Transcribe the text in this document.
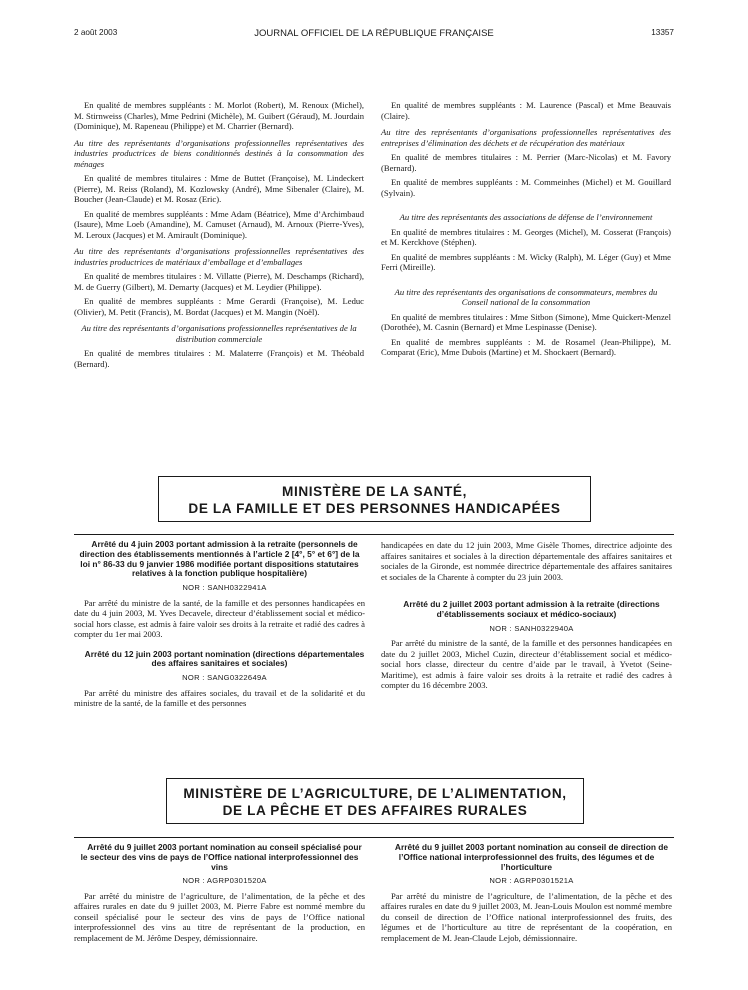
2 août 2003	JOURNAL OFFICIEL DE LA RÉPUBLIQUE FRANÇAISE	13357

En qualité de membres suppléants : M. Morlot (Robert), M. Renoux (Michel), M. Stirnweiss (Charles), Mme Pedrini (Michèle), M. Guibert (Géraud), M. Jourdain (Dominique), M. Rapeneau (Philippe) et M. Charrier (Bernard).

Au titre des représentants d’organisations professionnelles représentatives des industries productrices de biens conditionnés destinés à la consommation des ménages

En qualité de membres titulaires : Mme de Buttet (Françoise), M. Lindeckert (Pierre), M. Reiss (Roland), M. Kozlowsky (André), Mme Sibenaler (Claire), M. Boucher (Jean-Claude) et M. Rosaz (Eric).

En qualité de membres suppléants : Mme Adam (Béatrice), Mme d’Archimbaud (Isaure), Mme Loeb (Amandine), M. Camuset (Arnaud), M. Arnoux (Pierre-Yves), M. Leroux (Jacques) et M. Amirault (Dominique).

Au titre des représentants d’organisations professionnelles représentatives des industries productrices de matériaux d’emballage et d’emballages

En qualité de membres titulaires : M. Villatte (Pierre), M. Deschamps (Richard), M. de Guerry (Gilbert), M. Demarty (Jacques) et M. Leydier (Philippe).

En qualité de membres suppléants : Mme Gerardi (Françoise), M. Leduc (Olivier), M. Petit (Francis), M. Bordat (Jacques) et M. Mangin (Noël).

Au titre des représentants d’organisations professionnelles représentatives de la distribution commerciale

En qualité de membres titulaires : M. Malaterre (François) et M. Théobald (Bernard).

En qualité de membres suppléants : M. Laurence (Pascal) et Mme Beauvais (Claire).

Au titre des représentants d’organisations professionnelles représentatives des entreprises d’élimination des déchets et de récupération des matériaux

En qualité de membres titulaires : M. Perrier (Marc-Nicolas) et M. Favory (Bernard).

En qualité de membres suppléants : M. Commeinhes (Michel) et M. Gouillard (Sylvain).

Au titre des représentants des associations de défense de l’environnement

En qualité de membres titulaires : M. Georges (Michel), M. Cosserat (François) et M. Kerckhove (Stéphen).

En qualité de membres suppléants : M. Wicky (Ralph), M. Léger (Guy) et Mme Ferri (Mireille).

Au titre des représentants des organisations de consommateurs, membres du Conseil national de la consommation

En qualité de membres titulaires : Mme Sitbon (Simone), Mme Quickert-Menzel (Dorothée), M. Casnin (Bernard) et Mme Lespinasse (Denise).

En qualité de membres suppléants : M. de Rosamel (Jean-Philippe), M. Comparat (Eric), Mme Dubois (Martine) et M. Shockaert (Bernard).

MINISTÈRE DE LA SANTÉ,
DE LA FAMILLE ET DES PERSONNES HANDICAPÉES

Arrêté du 4 juin 2003 portant admission à la retraite (personnels de direction des établissements mentionnés à l’article 2 [4°, 5° et 6°] de la loi n° 86-33 du 9 janvier 1986 modifiée portant dispositions statutaires relatives à la fonction publique hospitalière)

NOR : SANH0322941A

Par arrêté du ministre de la santé, de la famille et des personnes handicapées en date du 4 juin 2003, M. Yves Decavele, directeur d’établissement social et médico-social hors classe, est admis à faire valoir ses droits à la retraite et radié des cadres à compter du 1er mai 2003.

Arrêté du 12 juin 2003 portant nomination (directions départementales des affaires sanitaires et sociales)

NOR : SANG0322649A

Par arrêté du ministre des affaires sociales, du travail et de la solidarité et du ministre de la santé, de la famille et des personnes

handicapées en date du 12 juin 2003, Mme Gisèle Thomes, directrice adjointe des affaires sanitaires et sociales à la direction départementale des affaires sanitaires et sociales de la Gironde, est nommée directrice départementale des affaires sanitaires et sociales de la Charente à compter du 23 juin 2003.

Arrêté du 2 juillet 2003 portant admission à la retraite (directions d’établissements sociaux et médico-sociaux)

NOR : SANH0322940A

Par arrêté du ministre de la santé, de la famille et des personnes handicapées en date du 2 juillet 2003, Michel Cuzin, directeur d’établissement social et médico-social hors classe, directeur du centre d’aide par le travail, à Yvetot (Seine-Maritime), est admis à faire valoir ses droits à la retraite et radié des cadres à compter du 16 décembre 2003.

MINISTÈRE DE L’AGRICULTURE, DE L’ALIMENTATION,
DE LA PÊCHE ET DES AFFAIRES RURALES

Arrêté du 9 juillet 2003 portant nomination au conseil spécialisé pour le secteur des vins de pays de l’Office national interprofessionnel des vins

NOR : AGRP0301520A

Par arrêté du ministre de l’agriculture, de l’alimentation, de la pêche et des affaires rurales en date du 9 juillet 2003, M. Pierre Fabre est nommé membre du conseil spécialisé pour le secteur des vins de pays de l’Office national interprofessionnel des vins au titre de représentant de la production, en remplacement de M. Jérôme Despey, démissionnaire.

Arrêté du 9 juillet 2003 portant nomination au conseil de direction de l’Office national interprofessionnel des fruits, des légumes et de l’horticulture

NOR : AGRP0301521A

Par arrêté du ministre de l’agriculture, de l’alimentation, de la pêche et des affaires rurales en date du 9 juillet 2003, M. Jean-Louis Moulon est nommé membre du conseil de direction de l’Office national interprofessionnel des fruits, des légumes et de l’horticulture au titre de représentant de la coopération, en remplacement de M. Jean-Claude Lejob, démissionnaire.
